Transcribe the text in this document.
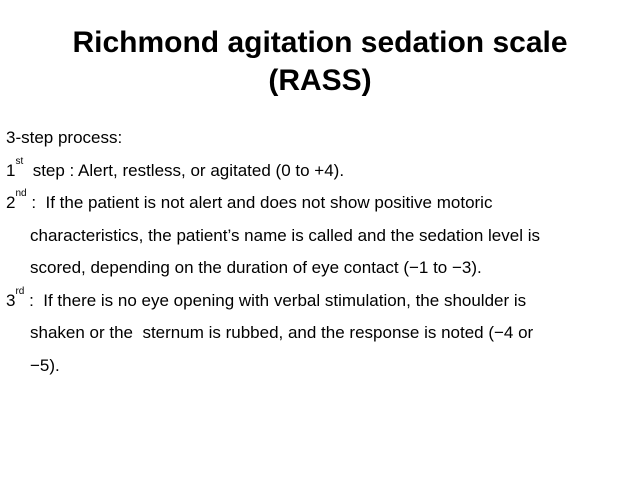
Richmond agitation sedation scale
(RASS)
3-step process:
1st  step : Alert, restless, or agitated (0 to +4).
2nd :  If the patient is not alert and does not show positive motoric
characteristics, the patient’s name is called and the sedation level is
scored, depending on the duration of eye contact (−1 to −3).
3rd :  If there is no eye opening with verbal stimulation, the shoulder is
shaken or the  sternum is rubbed, and the response is noted (−4 or
−5).
